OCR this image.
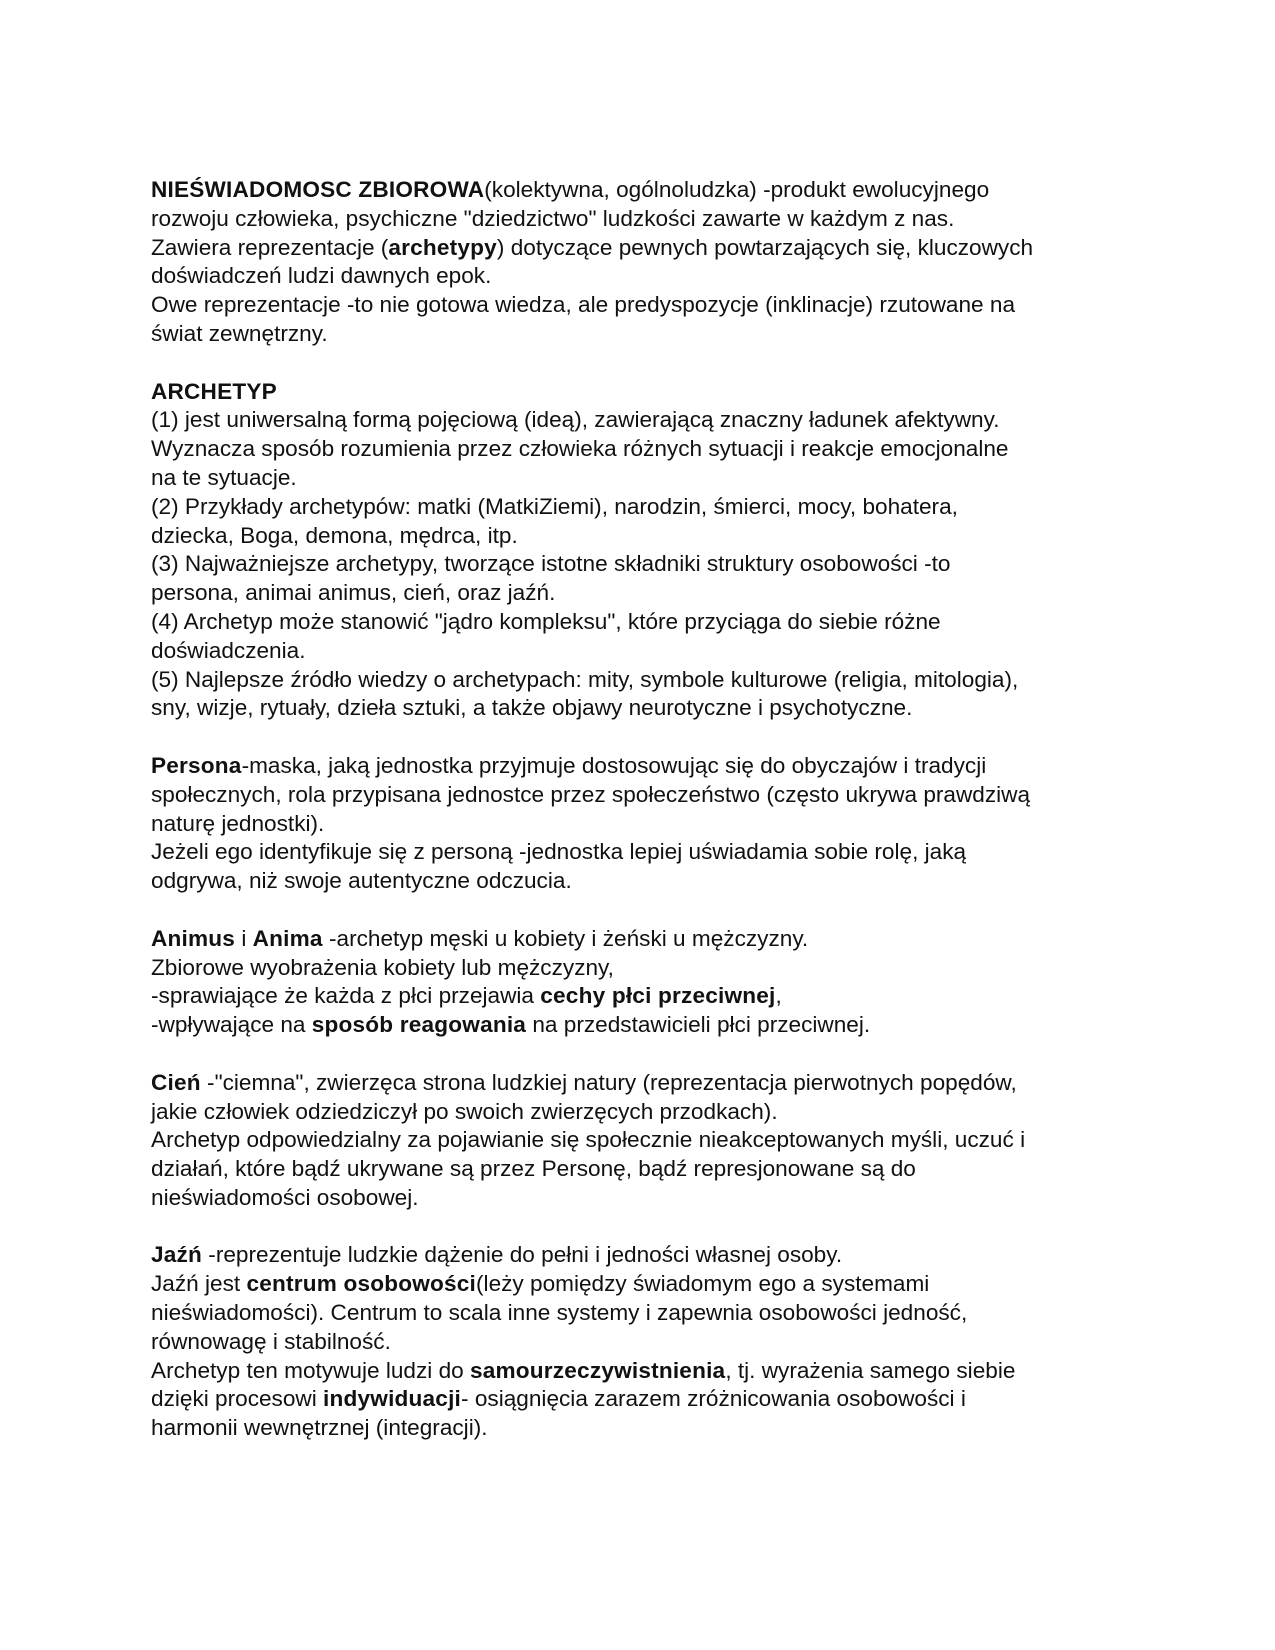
NIEŚWIADOMOSC ZBIOROWA(kolektywna, ogólnoludzka) -produkt ewolucyjnego
rozwoju człowieka, psychiczne "dziedzictwo" ludzkości zawarte w każdym z nas.
Zawiera reprezentacje (archetypy) dotyczące pewnych powtarzających się, kluczowych
doświadczeń ludzi dawnych epok.
Owe reprezentacje -to nie gotowa wiedza, ale predyspozycje (inklinacje) rzutowane na
świat zewnętrzny.
ARCHETYP
(1) jest uniwersalną formą pojęciową (ideą), zawierającą znaczny ładunek afektywny.
Wyznacza sposób rozumienia przez człowieka różnych sytuacji i reakcje emocjonalne
na te sytuacje.
(2) Przykłady archetypów: matki (MatkiZiemi), narodzin, śmierci, mocy, bohatera,
dziecka, Boga, demona, mędrca, itp.
(3) Najważniejsze archetypy, tworzące istotne składniki struktury osobowości -to
persona, animai animus, cień, oraz jaźń.
(4) Archetyp może stanowić "jądro kompleksu", które przyciąga do siebie różne
doświadczenia.
(5) Najlepsze źródło wiedzy o archetypach: mity, symbole kulturowe (religia, mitologia),
sny, wizje, rytuały, dzieła sztuki, a także objawy neurotyczne i psychotyczne.
Persona-maska, jaką jednostka przyjmuje dostosowując się do obyczajów i tradycji
społecznych, rola przypisana jednostce przez społeczeństwo (często ukrywa prawdziwą
naturę jednostki).
Jeżeli ego identyfikuje się z personą -jednostka lepiej uświadamia sobie rolę, jaką
odgrywa, niż swoje autentyczne odczucia.
Animus i Anima -archetyp męski u kobiety i żeński u mężczyzny.
Zbiorowe wyobrażenia kobiety lub mężczyzny,
-sprawiające że każda z płci przejawia cechy płci przeciwnej,
-wpływające na sposób reagowania na przedstawicieli płci przeciwnej.
Cień -"ciemna", zwierzęca strona ludzkiej natury (reprezentacja pierwotnych popędów,
jakie człowiek odziedziczył po swoich zwierzęcych przodkach).
Archetyp odpowiedzialny za pojawianie się społecznie nieakceptowanych myśli, uczuć i
działań, które bądź ukrywane są przez Personę, bądź represjonowane są do
nieświadomości osobowej.
Jaźń -reprezentuje ludzkie dążenie do pełni i jedności własnej osoby.
Jaźń jest centrum osobowości(leży pomiędzy świadomym ego a systemami
nieświadomości). Centrum to scala inne systemy i zapewnia osobowości jedność,
równowagę i stabilność.
Archetyp ten motywuje ludzi do samourzeczywistnienia, tj. wyrażenia samego siebie
dzięki procesowi indywiduacji- osiągnięcia zarazem zróżnicowania osobowości i
harmonii wewnętrznej (integracji).
